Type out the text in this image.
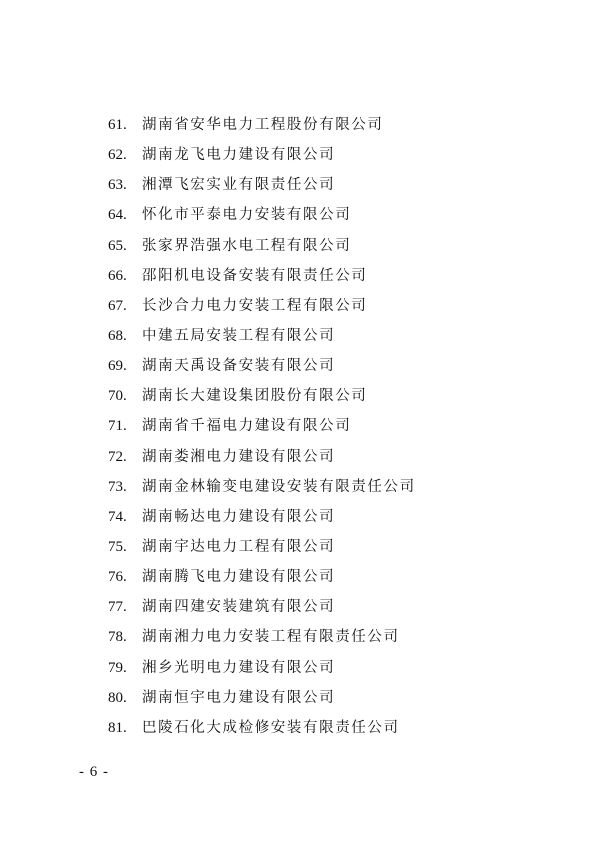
61.	湖南省安华电力工程股份有限公司
62.	湖南龙飞电力建设有限公司
63.	湘潭飞宏实业有限责任公司
64.	怀化市平泰电力安装有限公司
65.	张家界浩强水电工程有限公司
66.	邵阳机电设备安装有限责任公司
67.	长沙合力电力安装工程有限公司
68.	中建五局安装工程有限公司
69.	湖南天禹设备安装有限公司
70.	湖南长大建设集团股份有限公司
71.	湖南省千福电力建设有限公司
72.	湖南娄湘电力建设有限公司
73.	湖南金林输变电建设安装有限责任公司
74.	湖南畅达电力建设有限公司
75.	湖南宇达电力工程有限公司
76.	湖南腾飞电力建设有限公司
77.	湖南四建安装建筑有限公司
78.	湖南湘力电力安装工程有限责任公司
79.	湘乡光明电力建设有限公司
80.	湖南恒宇电力建设有限公司
81.	巴陵石化大成检修安装有限责任公司
- 6 -
